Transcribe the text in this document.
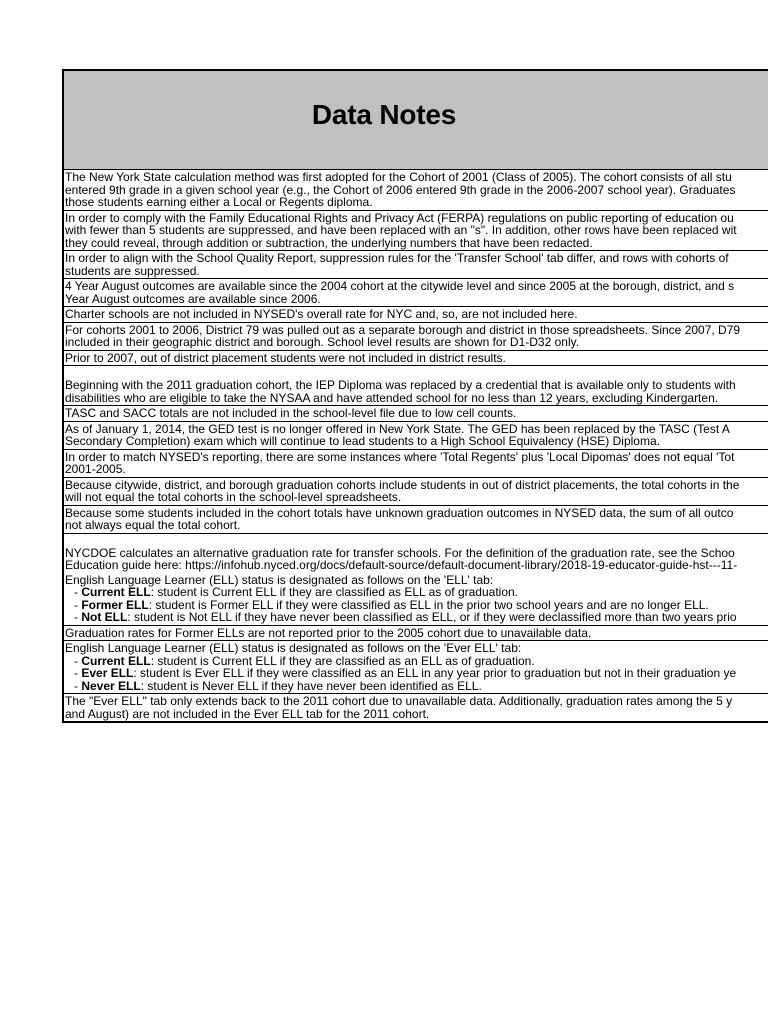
Data Notes
The New York State calculation method was first adopted for the Cohort of 2001 (Class of 2005). The cohort consists of all stu
entered 9th grade in a given school year (e.g., the Cohort of 2006 entered 9th grade in the 2006-2007 school year). Graduates
those students earning either a Local or Regents diploma.
In order to comply with the Family Educational Rights and Privacy Act (FERPA) regulations on public reporting of education ou
with fewer than 5 students are suppressed, and have been replaced with an "s". In addition, other rows have been replaced wit
they could reveal, through addition or subtraction, the underlying numbers that have been redacted.
In order to align with the School Quality Report, suppression rules for the 'Transfer School' tab differ, and rows with cohorts of
students are suppressed.
4 Year August outcomes are available since the 2004 cohort at the citywide level and since 2005 at the borough, district, and s
Year August outcomes are available since 2006.
Charter schools are not included in NYSED's overall rate for NYC and, so, are not included here.
For cohorts 2001 to 2006, District 79 was pulled out as a separate borough and district in those spreadsheets. Since 2007, D79
included in their geographic district and borough. School level results are shown for D1-D32 only.
Prior to 2007, out of district placement students were not included in district results.
Beginning with the 2011 graduation cohort, the IEP Diploma was replaced by a credential that is available only to students with
disabilities who are eligible to take the NYSAA and have attended school for no less than 12 years, excluding Kindergarten.
TASC and SACC totals are not included in the school-level file due to low cell counts.
As of January 1, 2014, the GED test is no longer offered in New York State. The GED has been replaced by the TASC (Test A
Secondary Completion) exam which will continue to lead students to a High School Equivalency (HSE) Diploma.
In order to match NYSED's reporting, there are some instances where 'Total Regents' plus 'Local Dipomas' does not equal 'Tot
2001-2005.
Because citywide, district, and borough graduation cohorts include students in out of district placements, the total cohorts in the
will not equal the total cohorts in the school-level spreadsheets.
Because some students included in the cohort totals have unknown graduation outcomes in NYSED data, the sum of all outco
not always equal the total cohort.
NYCDOE calculates an alternative graduation rate for transfer schools. For the definition of the graduation rate, see the Schoo
Education guide here: https://infohub.nyced.org/docs/default-source/default-document-library/2018-19-educator-guide-hst---11-
English Language Learner (ELL) status is designated as follows on the 'ELL' tab:
- Current ELL: student is Current ELL if they are classified as ELL as of graduation.
- Former ELL: student is Former ELL if they were classified as ELL in the prior two school years and are no longer ELL.
- Not ELL: student is Not ELL if they have never been classified as ELL, or if they were declassified more than two years prio
Graduation rates for Former ELLs are not reported prior to the 2005 cohort due to unavailable data.
English Language Learner (ELL) status is designated as follows on the 'Ever ELL' tab:
- Current ELL: student is Current ELL if they are classified as an ELL as of graduation.
- Ever ELL: student is Ever ELL if they were classified as an ELL in any year prior to graduation but not in their graduation ye
- Never ELL: student is Never ELL if they have never been identified as ELL.
The "Ever ELL" tab only extends back to the 2011 cohort due to unavailable data. Additionally, graduation rates among the 5 y
and August) are not included in the Ever ELL tab for the 2011 cohort.
